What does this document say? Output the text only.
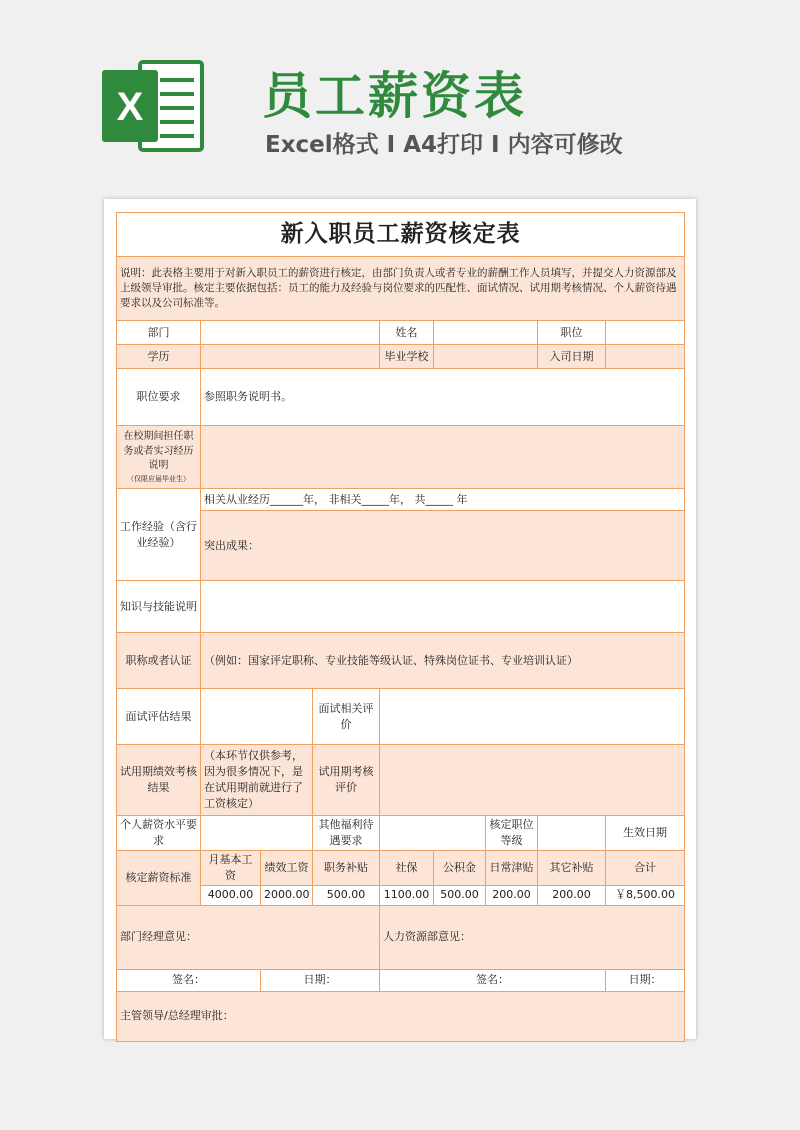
X 员工薪资表
Excel格式 I A4打印 I 内容可修改
新入职员工薪资核定表								
说明：此表格主要用于对新入职员工的薪资进行核定，由部门负责人或者专业的薪酬工作人员填写，并提交人力资源部及上级领导审批。核定主要依据包括：员工的能力及经验与岗位要求的匹配性、面试情况、试用期考核情况、个人薪资待遇要求以及公司标准等。								
部门				姓名			职位	
学历				毕业学校			入司日期	
职位要求	参照职务说明书。							
在校期间担任职务或者实习经历说明
（仅限应届毕业生）								

工作经验（含行业经验）	相关从业经历______年， 非相关_____年， 共_____ 年							
	突出成果：							
知识与技能说明								
职称或者认证	（例如：国家评定职称、专业技能等级认证、特殊岗位证书、专业培训认证）							
面试评估结果			面试相关评价					
试用期绩效考核结果	（本环节仅供参考，因为很多情况下，是在试用期前就进行了工资核定）		试用期考核评价					
个人薪资水平要求			其他福利待遇要求			核定职位等级		生效日期
核定薪资标准	月基本工资	绩效工资	职务补贴	社保	公积金	日常津贴	其它补贴	合计
	4000.00	2000.00	500.00	1100.00	500.00	200.00	200.00	￥8,500.00
部门经理意见：				人力资源部意见：				
签名：		日期：		签名：				日期：
主管领导/总经理审批：								
